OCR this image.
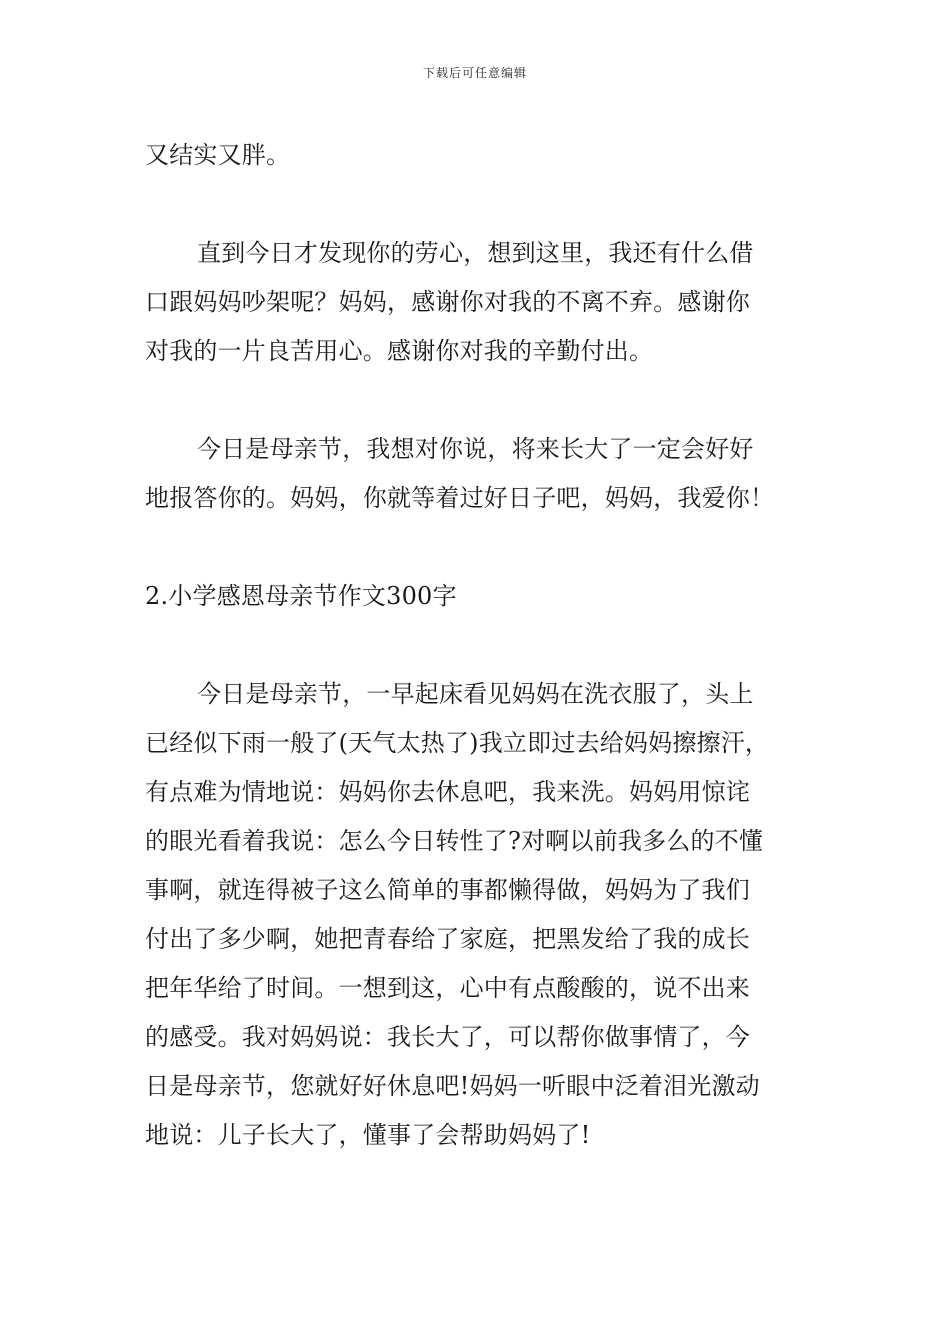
下载后可任意编辑
又结实又胖。
直到今日才发现你的劳心，想到这里，我还有什么借
口跟妈妈吵架呢？妈妈，感谢你对我的不离不弃。感谢你
对我的一片良苦用心。感谢你对我的辛勤付出。
今日是母亲节，我想对你说，将来长大了一定会好好
地报答你的。妈妈，你就等着过好日子吧，妈妈，我爱你！
2.小学感恩母亲节作文300字
今日是母亲节，一早起床看见妈妈在洗衣服了，头上
已经似下雨一般了(天气太热了)我立即过去给妈妈擦擦汗，
有点难为情地说：妈妈你去休息吧，我来洗。妈妈用惊诧
的眼光看着我说：怎么今日转性了?对啊以前我多么的不懂
事啊，就连得被子这么简单的事都懒得做，妈妈为了我们
付出了多少啊，她把青春给了家庭，把黑发给了我的成长
把年华给了时间。一想到这，心中有点酸酸的，说不出来
的感受。我对妈妈说：我长大了，可以帮你做事情了，今
日是母亲节，您就好好休息吧!妈妈一听眼中泛着泪光激动
地说：儿子长大了，懂事了会帮助妈妈了!
